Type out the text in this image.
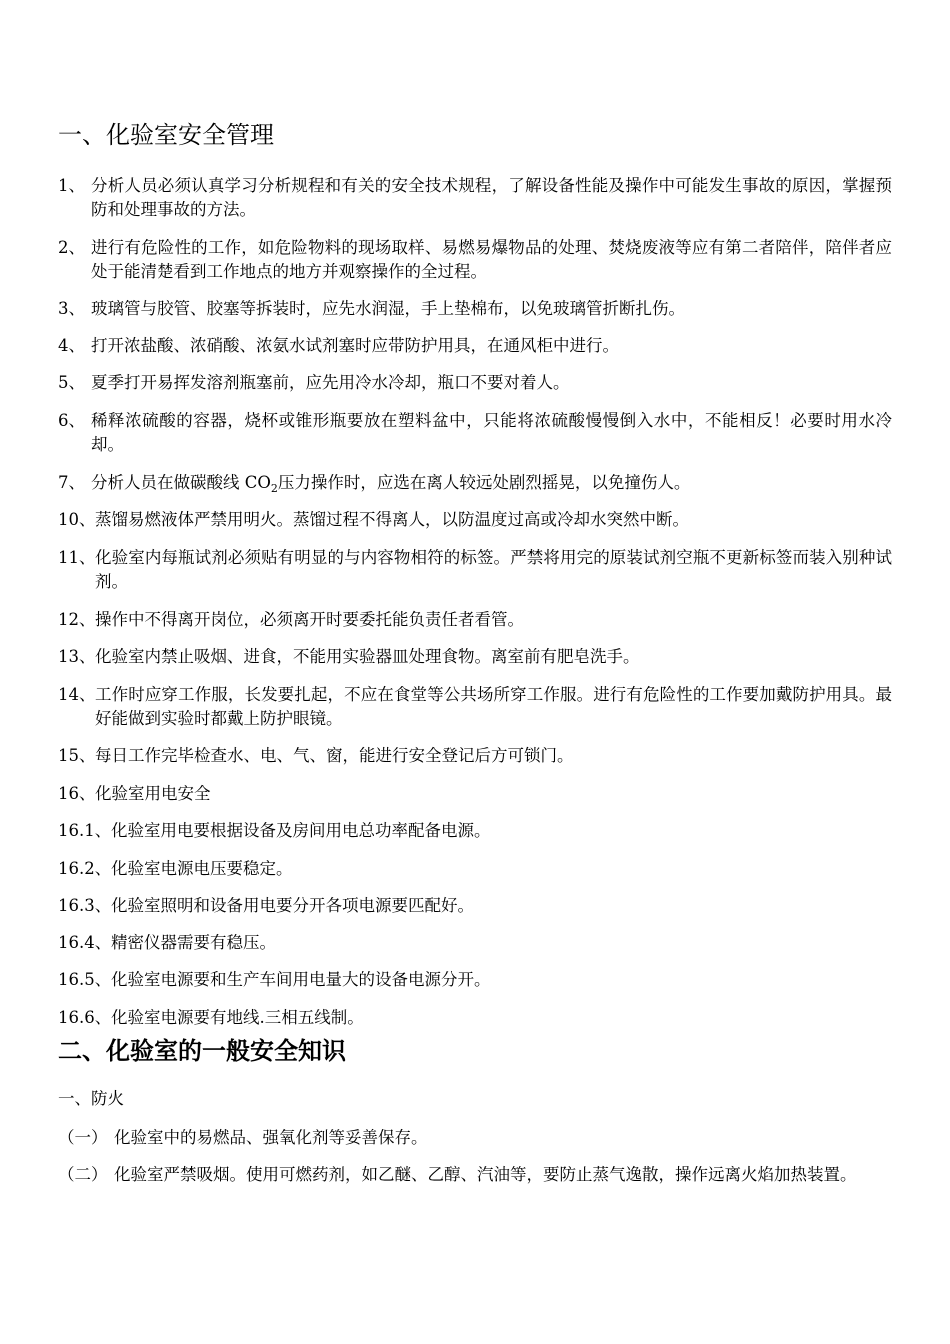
一、化验室安全管理
1、 分析人员必须认真学习分析规程和有关的安全技术规程，了解设备性能及操作中可能发生事故的原因，掌握预防和处理事故的方法。
2、 进行有危险性的工作，如危险物料的现场取样、易燃易爆物品的处理、焚烧废液等应有第二者陪伴，陪伴者应处于能清楚看到工作地点的地方并观察操作的全过程。
3、 玻璃管与胶管、胶塞等拆装时，应先水润湿，手上垫棉布，以免玻璃管折断扎伤。
4、 打开浓盐酸、浓硝酸、浓氨水试剂塞时应带防护用具，在通风柜中进行。
5、 夏季打开易挥发溶剂瓶塞前，应先用冷水冷却，瓶口不要对着人。
6、 稀释浓硫酸的容器，烧杯或锥形瓶要放在塑料盆中，只能将浓硫酸慢慢倒入水中，不能相反！必要时用水冷却。
7、 分析人员在做碳酸线 $CO_2$压力操作时，应选在离人较远处剧烈摇晃，以免撞伤人。
10、 蒸馏易燃液体严禁用明火。蒸馏过程不得离人，以防温度过高或冷却水突然中断。
11、 化验室内每瓶试剂必须贴有明显的与内容物相符的标签。严禁将用完的原装试剂空瓶不更新标签而装入别种试剂。
12、 操作中不得离开岗位，必须离开时要委托能负责任者看管。
13、 化验室内禁止吸烟、进食，不能用实验器皿处理食物。离室前有肥皂洗手。
14、 工作时应穿工作服，长发要扎起，不应在食堂等公共场所穿工作服。进行有危险性的工作要加戴防护用具。最好能做到实验时都戴上防护眼镜。
15、 每日工作完毕检查水、电、气、窗，能进行安全登记后方可锁门。
16、 化验室用电安全
16.1、 化验室用电要根据设备及房间用电总功率配备电源。
16.2、 化验室电源电压要稳定。
16.3、 化验室照明和设备用电要分开各项电源要匹配好。
16.4、 精密仪器需要有稳压。
16.5、 化验室电源要和生产车间用电量大的设备电源分开。
16.6、 化验室电源要有地线.三相五线制。
二、化验室的一般安全知识
一、防火
（一） 化验室中的易燃品、强氧化剂等妥善保存。
（二） 化验室严禁吸烟。使用可燃药剂，如乙醚、乙醇、汽油等，要防止蒸气逸散，操作远离火焰加热装置。
